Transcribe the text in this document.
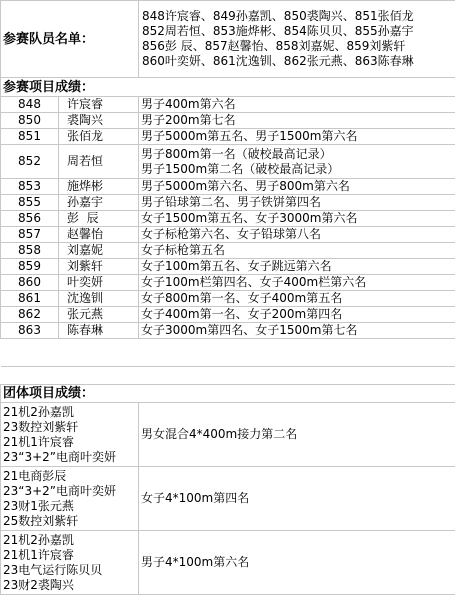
参赛队员名单：	
848许宸睿、849孙嘉凯、850裘陶兴、851张佰龙
852周若恒、853施烨彬、854陈贝贝、855孙嘉宇
856彭 辰、857赵馨怡、858刘嘉妮、859刘紫轩
860叶奕妍、861沈逸钏、862张元燕、863陈春琳
参赛项目成绩：		
848	许宸睿	男子400m第六名

850	裘陶兴	男子200m第七名

851	张佰龙	男子5000m第五名、男子1500m第六名

852	周若恒	男子800m第一名（破校最高记录）
男子1500m第二名（破校最高记录）

853	施烨彬	男子5000m第六名、男子800m第六名

855	孙嘉宇	男子铅球第二名、男子铁饼第四名

856	彭  辰	女子1500m第五名、女子3000m第六名

857	赵馨怡	女子标枪第六名、女子铅球第八名

858	刘嘉妮	女子标枪第五名

859	刘紫轩	女子100m第五名、女子跳远第六名

860	叶奕妍	女子100m栏第四名、女子400m栏第六名

861	沈逸钏	女子800m第一名、女子400m第五名

862	张元燕	女子400m第一名、女子200m第四名

863	陈春琳	女子3000m第四名、女子1500m第七名

团体项目成绩：	

21机2孙嘉凯
23数控刘紫轩
21机1许宸睿
23“3+2”电商叶奕妍	男女混合4*400m接力第二名

21电商彭辰
23“3+2”电商叶奕妍
23财1张元燕
25数控刘紫轩	女子4*100m第四名

21机2孙嘉凯
21机1许宸睿
23电气运行陈贝贝
23财2裘陶兴	男子4*100m第六名
